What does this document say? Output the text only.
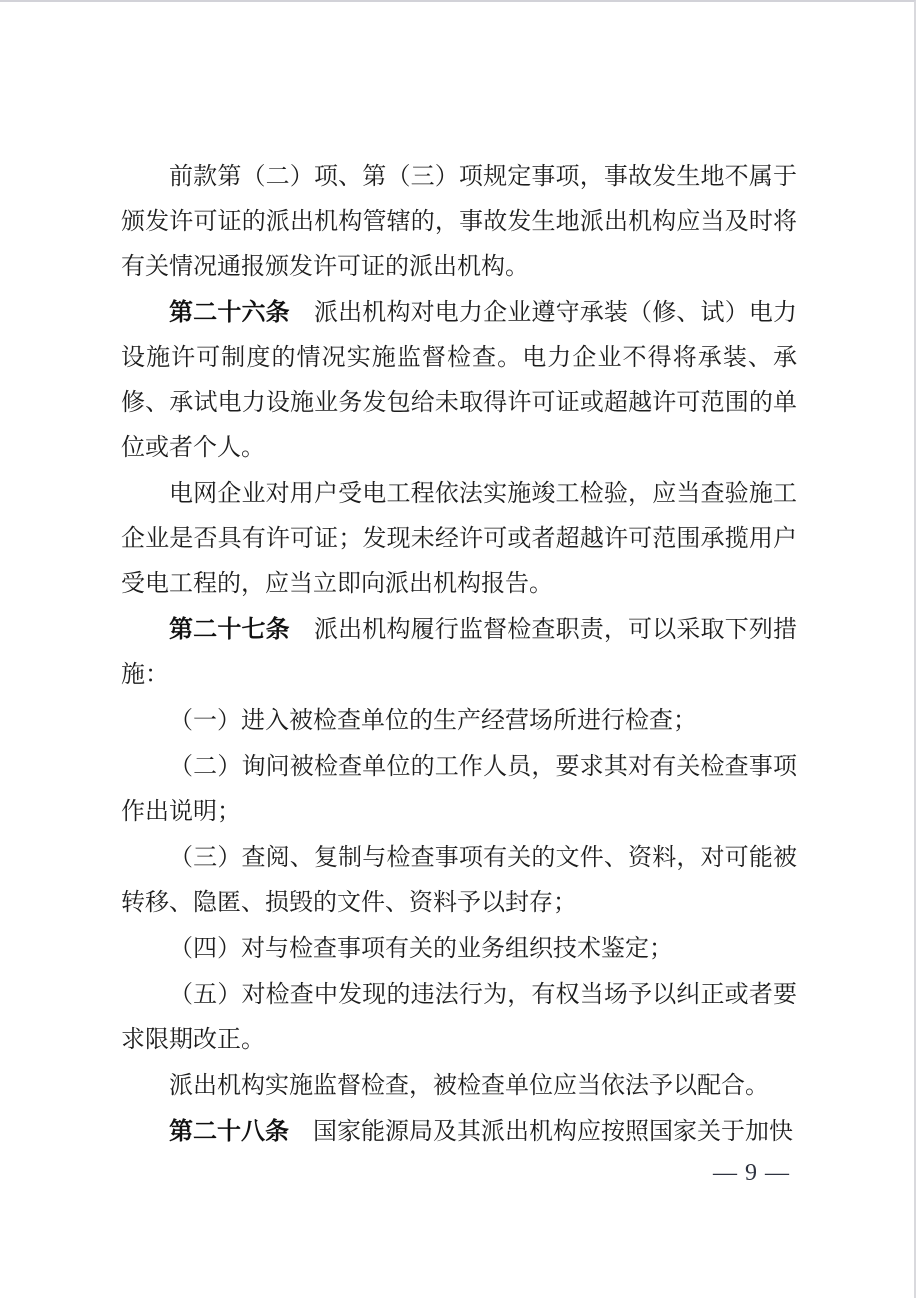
前款第（二）项、第（三）项规定事项，事故发生地不属于颁发许可证的派出机构管辖的，事故发生地派出机构应当及时将有关情况通报颁发许可证的派出机构。

第二十六条　派出机构对电力企业遵守承装（修、试）电力设施许可制度的情况实施监督检查。电力企业不得将承装、承修、承试电力设施业务发包给未取得许可证或超越许可范围的单位或者个人。

电网企业对用户受电工程依法实施竣工检验，应当查验施工企业是否具有许可证；发现未经许可或者超越许可范围承揽用户受电工程的，应当立即向派出机构报告。

第二十七条　派出机构履行监督检查职责，可以采取下列措施：

（一）进入被检查单位的生产经营场所进行检查；

（二）询问被检查单位的工作人员，要求其对有关检查事项作出说明；

（三）查阅、复制与检查事项有关的文件、资料，对可能被转移、隐匿、损毁的文件、资料予以封存；

（四）对与检查事项有关的业务组织技术鉴定；

（五）对检查中发现的违法行为，有权当场予以纠正或者要求限期改正。

派出机构实施监督检查，被检查单位应当依法予以配合。

第二十八条　国家能源局及其派出机构应按照国家关于加快

— 9 —
